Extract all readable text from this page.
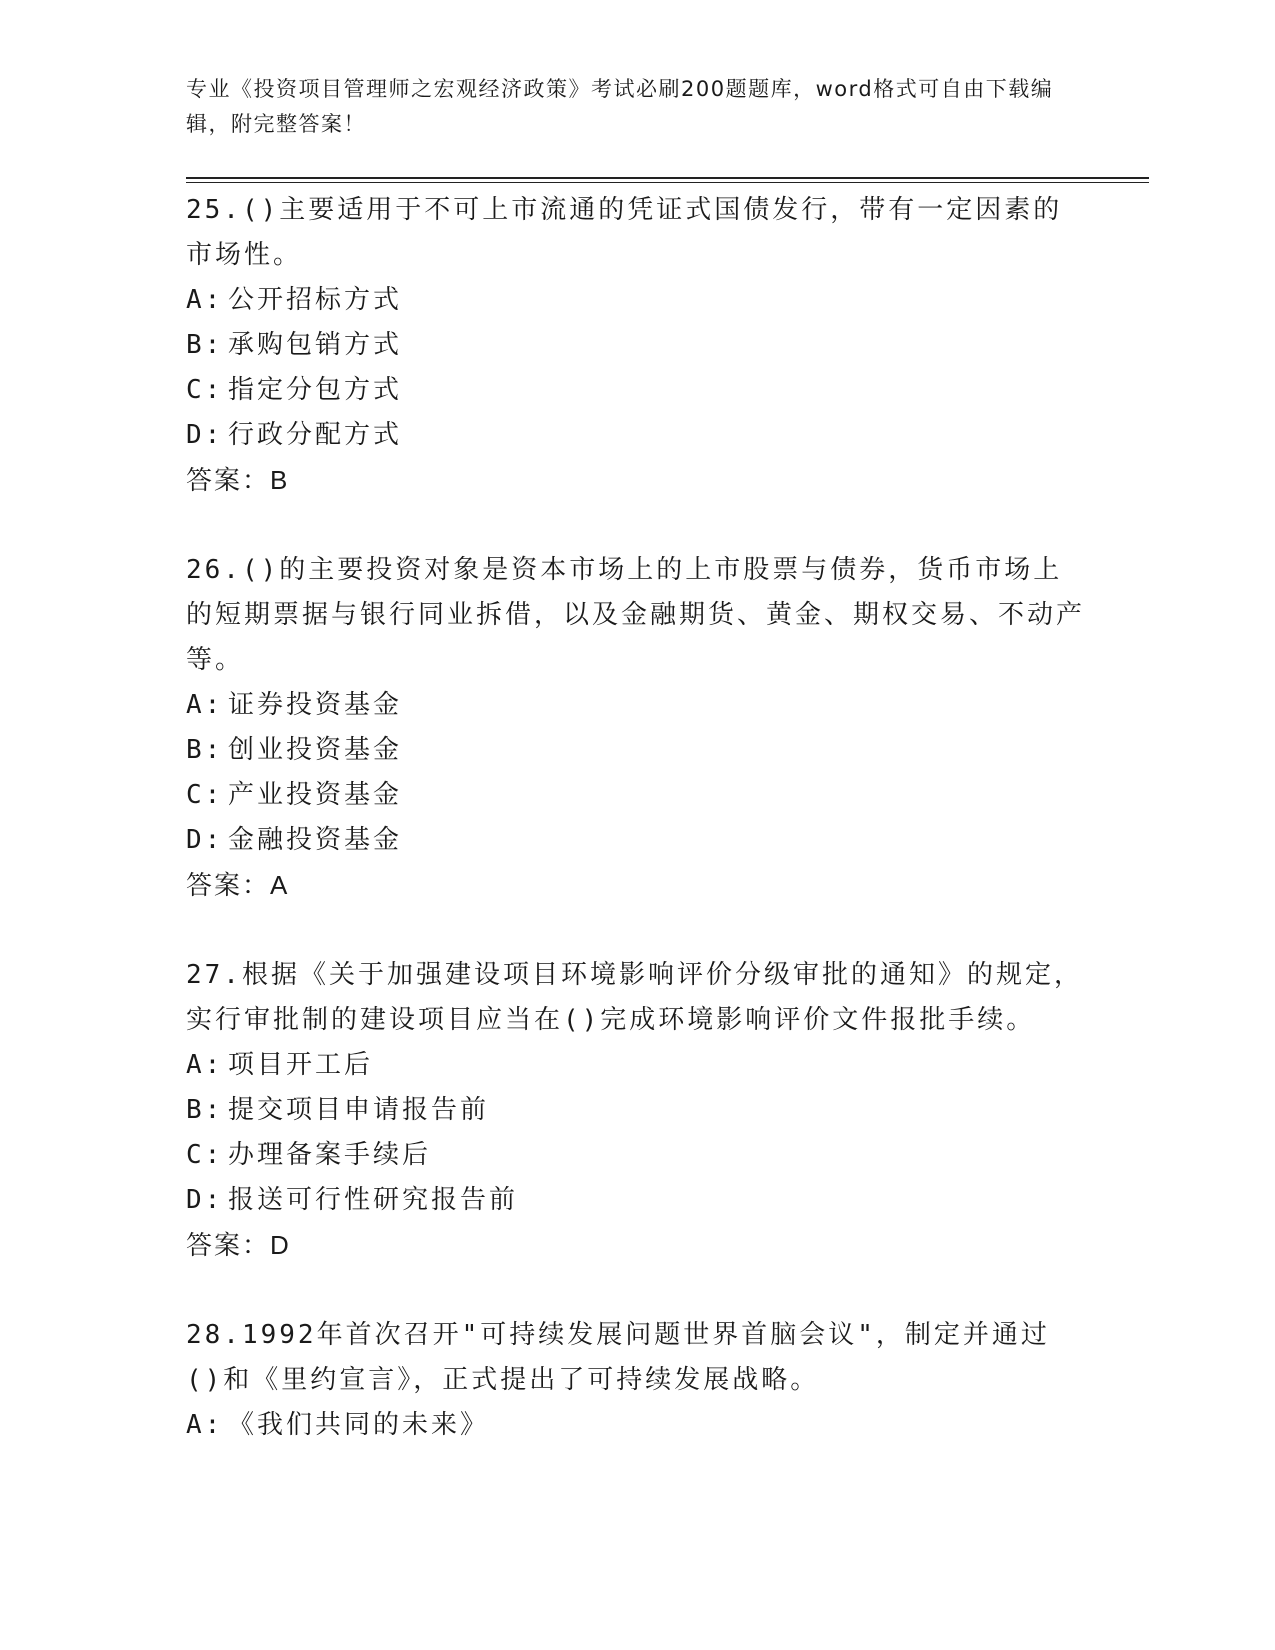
专业《投资项目管理师之宏观经济政策》考试必刷200题题库，word格式可自由下载编辑，附完整答案！

25.()主要适用于不可上市流通的凭证式国债发行，带有一定因素的市场性。

A: 公开招标方式

B: 承购包销方式

C: 指定分包方式

D: 行政分配方式

答案：B

26.()的主要投资对象是资本市场上的上市股票与债券，货币市场上的短期票据与银行同业拆借，以及金融期货、黄金、期权交易、不动产等。

A: 证券投资基金

B: 创业投资基金

C: 产业投资基金

D: 金融投资基金

答案：A

27.根据《关于加强建设项目环境影响评价分级审批的通知》的规定，实行审批制的建设项目应当在()完成环境影响评价文件报批手续。

A: 项目开工后

B: 提交项目申请报告前

C: 办理备案手续后

D: 报送可行性研究报告前

答案：D

28.1992年首次召开"可持续发展问题世界首脑会议"，制定并通过()和《里约宣言》，正式提出了可持续发展战略。

A: 《我们共同的未来》
